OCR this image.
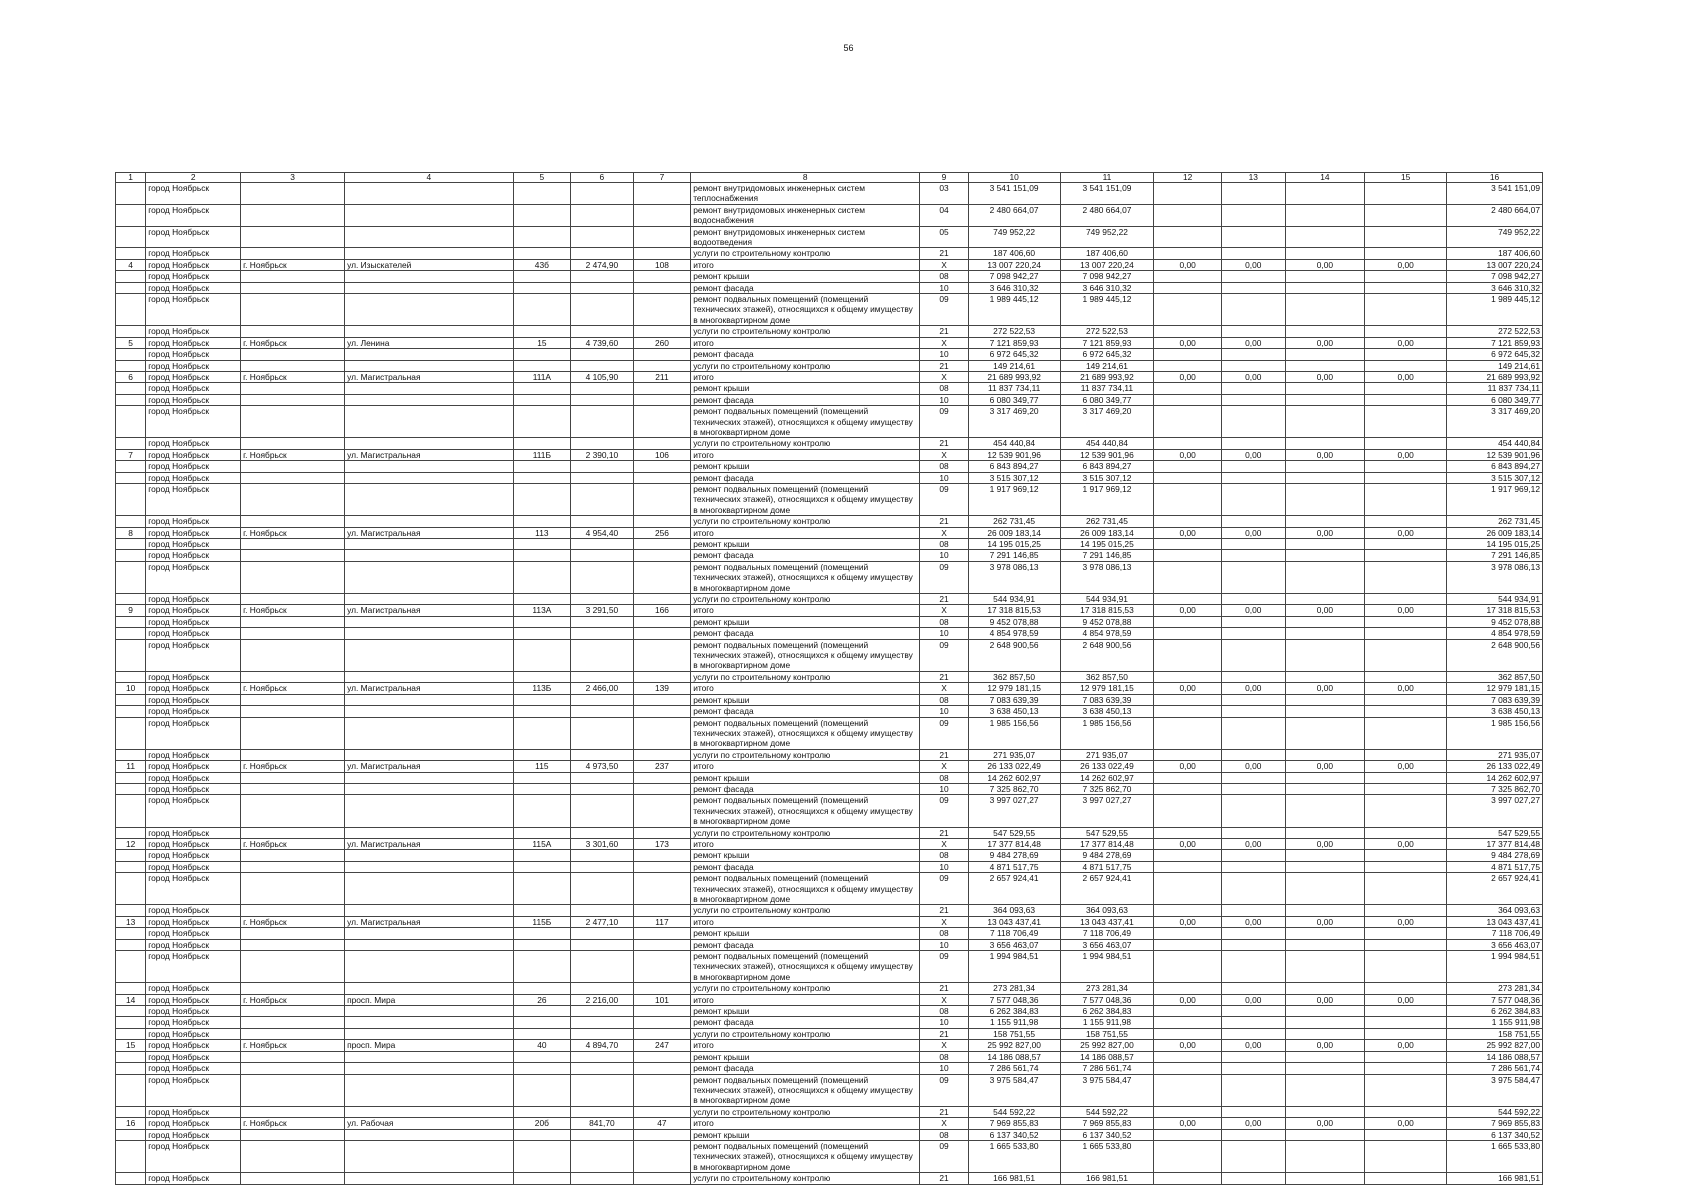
56
1	2	3	4	5	6	7	8	9	10	11	12	13	14	15	16
	город Ноябрьск						ремонт внутридомовых инженерных систем теплоснабжения	03	3 541 151,09	3 541 151,09					3 541 151,09
	город Ноябрьск						ремонт внутридомовых инженерных систем водоснабжения	04	2 480 664,07	2 480 664,07					2 480 664,07
	город Ноябрьск						ремонт внутридомовых инженерных систем водоотведения	05	749 952,22	749 952,22					749 952,22
	город Ноябрьск						услуги по строительному контролю	21	187 406,60	187 406,60					187 406,60
4	город Ноябрьск	г. Ноябрьск	ул. Изыскателей	43б	2 474,90	108	итого	Х	13 007 220,24	13 007 220,24	0,00	0,00	0,00	0,00	13 007 220,24
	город Ноябрьск						ремонт крыши	08	7 098 942,27	7 098 942,27					7 098 942,27
	город Ноябрьск						ремонт фасада	10	3 646 310,32	3 646 310,32					3 646 310,32
	город Ноябрьск						ремонт подвальных помещений (помещений технических этажей), относящихся к общему имуществу в многоквартирном доме	09	1 989 445,12	1 989 445,12					1 989 445,12
	город Ноябрьск						услуги по строительному контролю	21	272 522,53	272 522,53					272 522,53
5	город Ноябрьск	г. Ноябрьск	ул. Ленина	15	4 739,60	260	итого	Х	7 121 859,93	7 121 859,93	0,00	0,00	0,00	0,00	7 121 859,93
	город Ноябрьск						ремонт фасада	10	6 972 645,32	6 972 645,32					6 972 645,32
	город Ноябрьск						услуги по строительному контролю	21	149 214,61	149 214,61					149 214,61
6	город Ноябрьск	г. Ноябрьск	ул. Магистральная	111А	4 105,90	211	итого	Х	21 689 993,92	21 689 993,92	0,00	0,00	0,00	0,00	21 689 993,92
	город Ноябрьск						ремонт крыши	08	11 837 734,11	11 837 734,11					11 837 734,11
	город Ноябрьск						ремонт фасада	10	6 080 349,77	6 080 349,77					6 080 349,77
	город Ноябрьск						ремонт подвальных помещений (помещений технических этажей), относящихся к общему имуществу в многоквартирном доме	09	3 317 469,20	3 317 469,20					3 317 469,20
	город Ноябрьск						услуги по строительному контролю	21	454 440,84	454 440,84					454 440,84
7	город Ноябрьск	г. Ноябрьск	ул. Магистральная	111Б	2 390,10	106	итого	Х	12 539 901,96	12 539 901,96	0,00	0,00	0,00	0,00	12 539 901,96
	город Ноябрьск						ремонт крыши	08	6 843 894,27	6 843 894,27					6 843 894,27
	город Ноябрьск						ремонт фасада	10	3 515 307,12	3 515 307,12					3 515 307,12
	город Ноябрьск						ремонт подвальных помещений (помещений технических этажей), относящихся к общему имуществу в многоквартирном доме	09	1 917 969,12	1 917 969,12					1 917 969,12
	город Ноябрьск						услуги по строительному контролю	21	262 731,45	262 731,45					262 731,45
8	город Ноябрьск	г. Ноябрьск	ул. Магистральная	113	4 954,40	256	итого	Х	26 009 183,14	26 009 183,14	0,00	0,00	0,00	0,00	26 009 183,14
	город Ноябрьск						ремонт крыши	08	14 195 015,25	14 195 015,25					14 195 015,25
	город Ноябрьск						ремонт фасада	10	7 291 146,85	7 291 146,85					7 291 146,85
	город Ноябрьск						ремонт подвальных помещений (помещений технических этажей), относящихся к общему имуществу в многоквартирном доме	09	3 978 086,13	3 978 086,13					3 978 086,13
	город Ноябрьск						услуги по строительному контролю	21	544 934,91	544 934,91					544 934,91
9	город Ноябрьск	г. Ноябрьск	ул. Магистральная	113А	3 291,50	166	итого	Х	17 318 815,53	17 318 815,53	0,00	0,00	0,00	0,00	17 318 815,53
	город Ноябрьск						ремонт крыши	08	9 452 078,88	9 452 078,88					9 452 078,88
	город Ноябрьск						ремонт фасада	10	4 854 978,59	4 854 978,59					4 854 978,59
	город Ноябрьск						ремонт подвальных помещений (помещений технических этажей), относящихся к общему имуществу в многоквартирном доме	09	2 648 900,56	2 648 900,56					2 648 900,56
	город Ноябрьск						услуги по строительному контролю	21	362 857,50	362 857,50					362 857,50
10	город Ноябрьск	г. Ноябрьск	ул. Магистральная	113Б	2 466,00	139	итого	Х	12 979 181,15	12 979 181,15	0,00	0,00	0,00	0,00	12 979 181,15
	город Ноябрьск						ремонт крыши	08	7 083 639,39	7 083 639,39					7 083 639,39
	город Ноябрьск						ремонт фасада	10	3 638 450,13	3 638 450,13					3 638 450,13
	город Ноябрьск						ремонт подвальных помещений (помещений технических этажей), относящихся к общему имуществу в многоквартирном доме	09	1 985 156,56	1 985 156,56					1 985 156,56
	город Ноябрьск						услуги по строительному контролю	21	271 935,07	271 935,07					271 935,07
11	город Ноябрьск	г. Ноябрьск	ул. Магистральная	115	4 973,50	237	итого	Х	26 133 022,49	26 133 022,49	0,00	0,00	0,00	0,00	26 133 022,49
	город Ноябрьск						ремонт крыши	08	14 262 602,97	14 262 602,97					14 262 602,97
	город Ноябрьск						ремонт фасада	10	7 325 862,70	7 325 862,70					7 325 862,70
	город Ноябрьск						ремонт подвальных помещений (помещений технических этажей), относящихся к общему имуществу в многоквартирном доме	09	3 997 027,27	3 997 027,27					3 997 027,27
	город Ноябрьск						услуги по строительному контролю	21	547 529,55	547 529,55					547 529,55
12	город Ноябрьск	г. Ноябрьск	ул. Магистральная	115А	3 301,60	173	итого	Х	17 377 814,48	17 377 814,48	0,00	0,00	0,00	0,00	17 377 814,48
	город Ноябрьск						ремонт крыши	08	9 484 278,69	9 484 278,69					9 484 278,69
	город Ноябрьск						ремонт фасада	10	4 871 517,75	4 871 517,75					4 871 517,75
	город Ноябрьск						ремонт подвальных помещений (помещений технических этажей), относящихся к общему имуществу в многоквартирном доме	09	2 657 924,41	2 657 924,41					2 657 924,41
	город Ноябрьск						услуги по строительному контролю	21	364 093,63	364 093,63					364 093,63
13	город Ноябрьск	г. Ноябрьск	ул. Магистральная	115Б	2 477,10	117	итого	Х	13 043 437,41	13 043 437,41	0,00	0,00	0,00	0,00	13 043 437,41
	город Ноябрьск						ремонт крыши	08	7 118 706,49	7 118 706,49					7 118 706,49
	город Ноябрьск						ремонт фасада	10	3 656 463,07	3 656 463,07					3 656 463,07
	город Ноябрьск						ремонт подвальных помещений (помещений технических этажей), относящихся к общему имуществу в многоквартирном доме	09	1 994 984,51	1 994 984,51					1 994 984,51
	город Ноябрьск						услуги по строительному контролю	21	273 281,34	273 281,34					273 281,34
14	город Ноябрьск	г. Ноябрьск	просп. Мира	26	2 216,00	101	итого	Х	7 577 048,36	7 577 048,36	0,00	0,00	0,00	0,00	7 577 048,36
	город Ноябрьск						ремонт крыши	08	6 262 384,83	6 262 384,83					6 262 384,83
	город Ноябрьск						ремонт фасада	10	1 155 911,98	1 155 911,98					1 155 911,98
	город Ноябрьск						услуги по строительному контролю	21	158 751,55	158 751,55					158 751,55
15	город Ноябрьск	г. Ноябрьск	просп. Мира	40	4 894,70	247	итого	Х	25 992 827,00	25 992 827,00	0,00	0,00	0,00	0,00	25 992 827,00
	город Ноябрьск						ремонт крыши	08	14 186 088,57	14 186 088,57					14 186 088,57
	город Ноябрьск						ремонт фасада	10	7 286 561,74	7 286 561,74					7 286 561,74
	город Ноябрьск						ремонт подвальных помещений (помещений технических этажей), относящихся к общему имуществу в многоквартирном доме	09	3 975 584,47	3 975 584,47					3 975 584,47
	город Ноябрьск						услуги по строительному контролю	21	544 592,22	544 592,22					544 592,22
16	город Ноябрьск	г. Ноябрьск	ул. Рабочая	20б	841,70	47	итого	Х	7 969 855,83	7 969 855,83	0,00	0,00	0,00	0,00	7 969 855,83
	город Ноябрьск						ремонт крыши	08	6 137 340,52	6 137 340,52					6 137 340,52
	город Ноябрьск						ремонт подвальных помещений (помещений технических этажей), относящихся к общему имуществу в многоквартирном доме	09	1 665 533,80	1 665 533,80					1 665 533,80
	город Ноябрьск						услуги по строительному контролю	21	166 981,51	166 981,51					166 981,51
